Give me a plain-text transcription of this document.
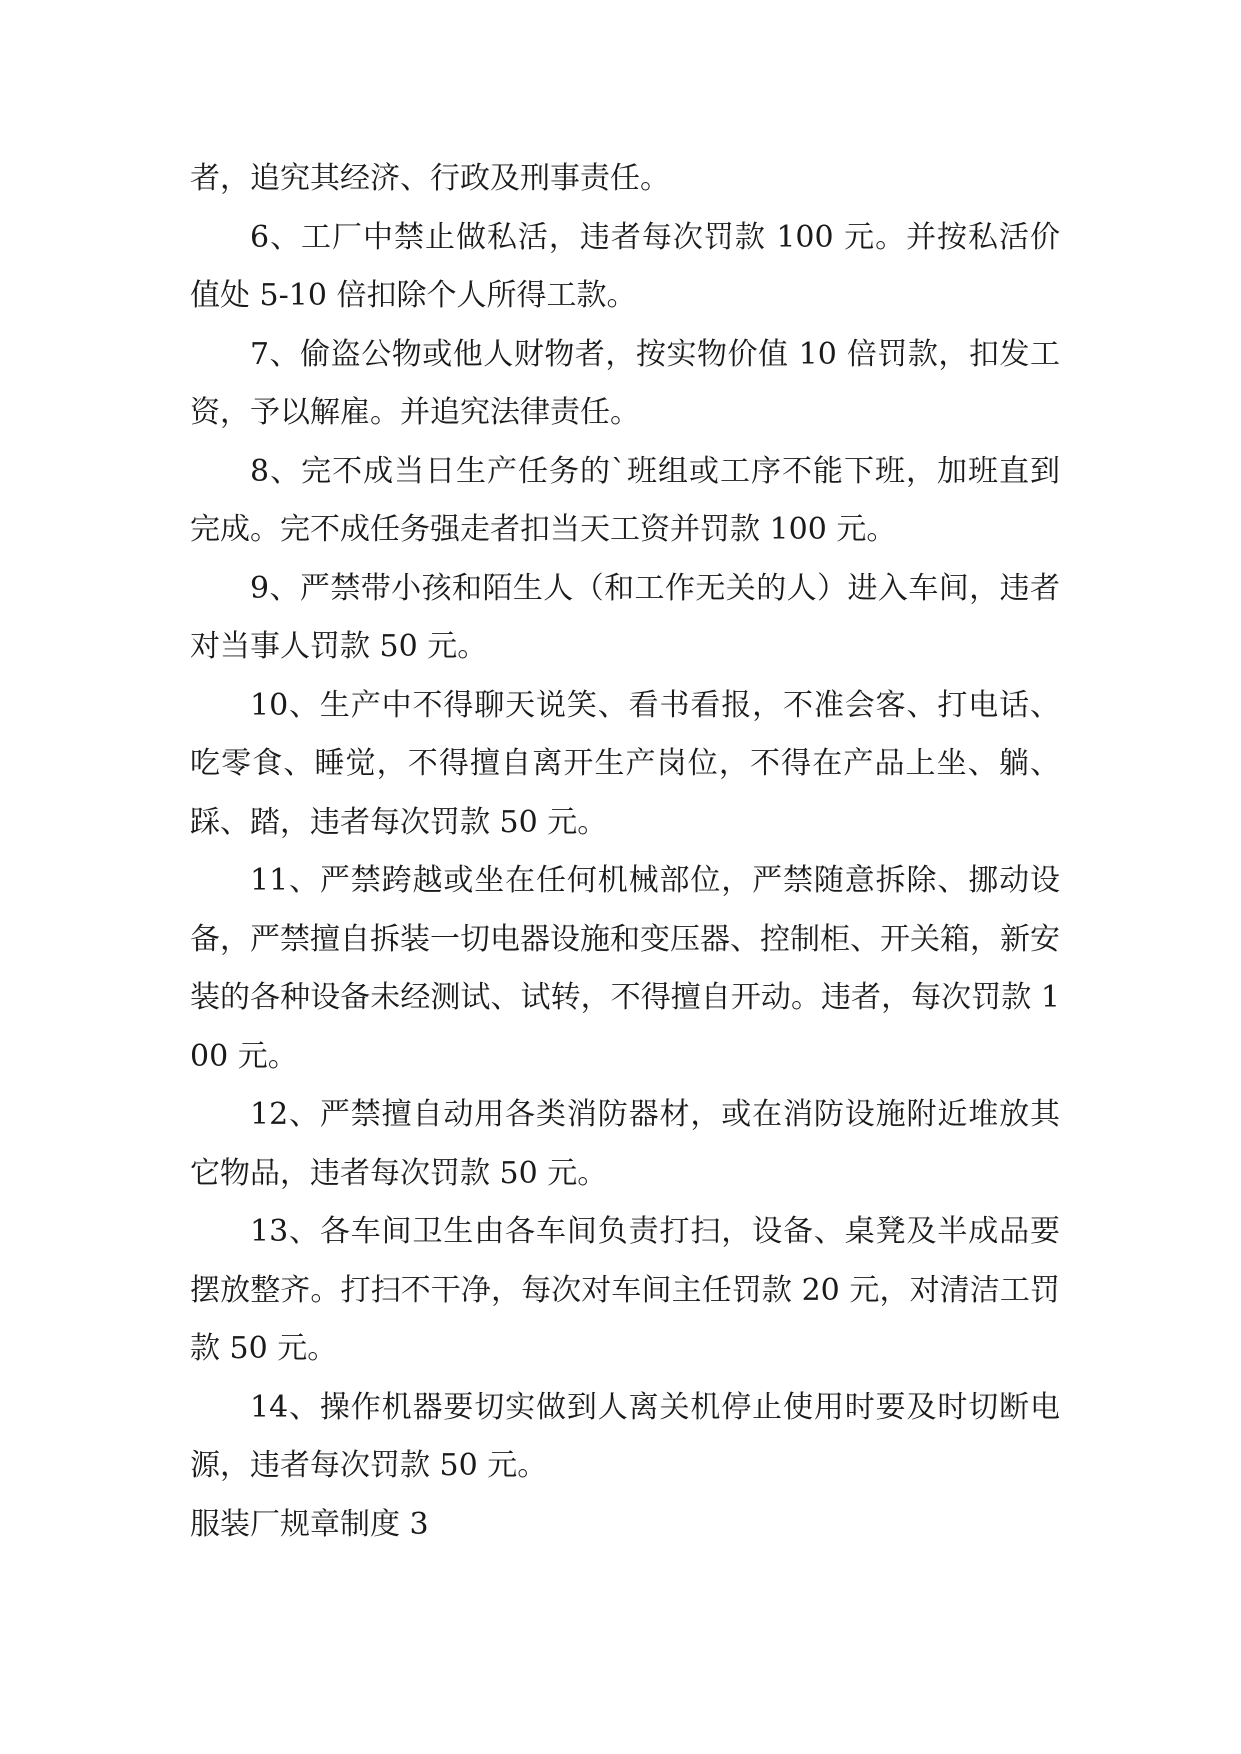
者，追究其经济、行政及刑事责任。

6、工厂中禁止做私活，违者每次罚款 100 元。并按私活价值处 5-10 倍扣除个人所得工款。

7、偷盗公物或他人财物者，按实物价值 10 倍罚款，扣发工资，予以解雇。并追究法律责任。

8、完不成当日生产任务的`班组或工序不能下班，加班直到完成。完不成任务强走者扣当天工资并罚款 100 元。

9、严禁带小孩和陌生人（和工作无关的人）进入车间，违者对当事人罚款 50 元。

10、生产中不得聊天说笑、看书看报，不准会客、打电话、吃零食、睡觉，不得擅自离开生产岗位，不得在产品上坐、躺、踩、踏，违者每次罚款 50 元。

11、严禁跨越或坐在任何机械部位，严禁随意拆除、挪动设备，严禁擅自拆装一切电器设施和变压器、控制柜、开关箱，新安装的各种设备未经测试、试转，不得擅自开动。违者，每次罚款 100 元。

12、严禁擅自动用各类消防器材，或在消防设施附近堆放其它物品，违者每次罚款 50 元。

13、各车间卫生由各车间负责打扫，设备、桌凳及半成品要摆放整齐。打扫不干净，每次对车间主任罚款 20 元，对清洁工罚款 50 元。

14、操作机器要切实做到人离关机停止使用时要及时切断电源，违者每次罚款 50 元。

服装厂规章制度 3
